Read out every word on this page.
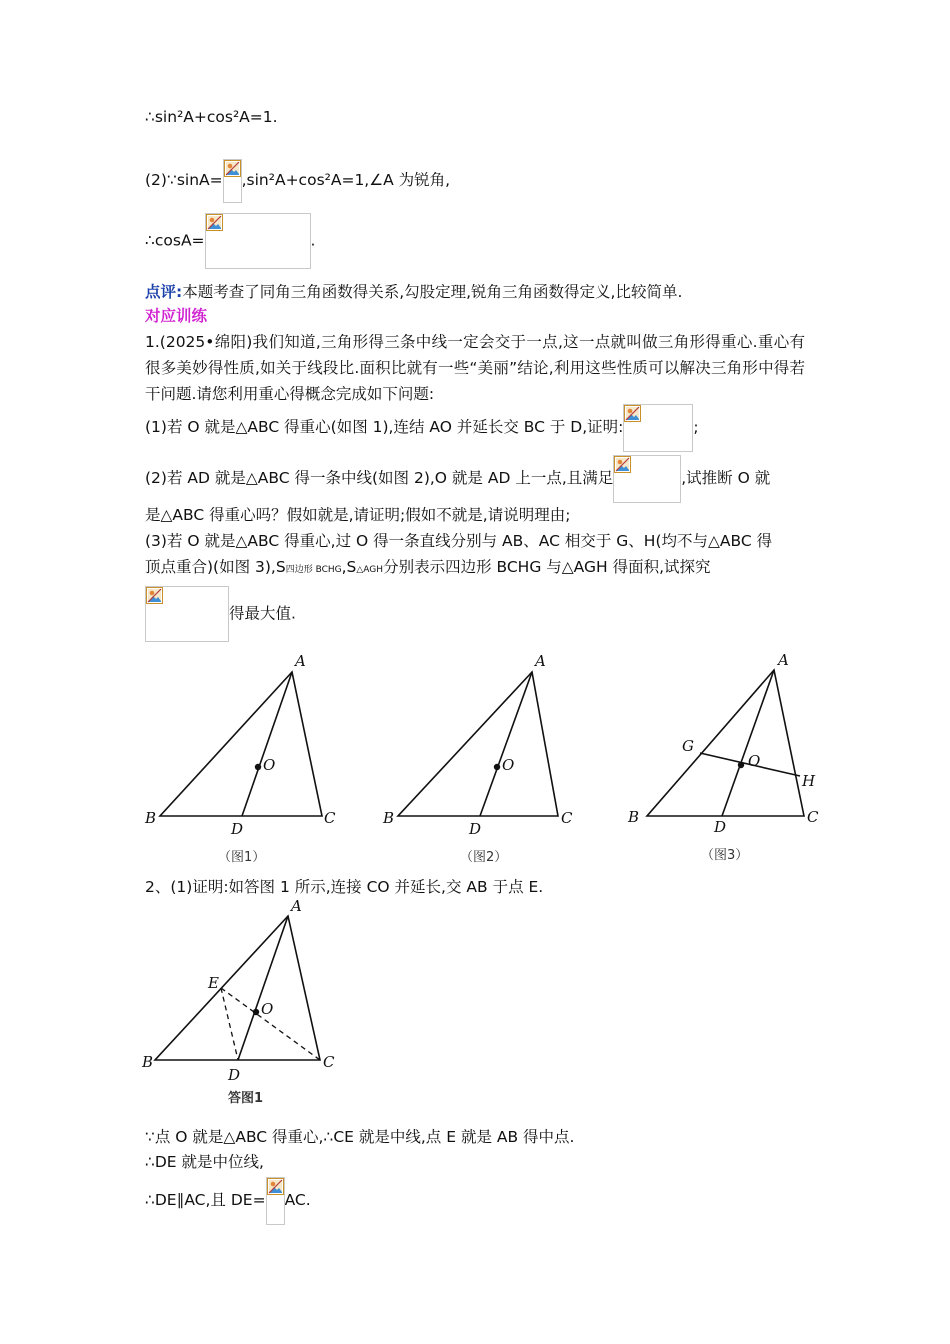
∴sin²A+cos²A=1.
(2)∵sinA= ,sin²A+cos²A=1,∠A 为锐角,
∴cosA=	.
点评:本题考查了同角三角函数得关系,勾股定理,锐角三角函数得定义,比较简单.
对应训练
1.(2025•绵阳)我们知道,三角形得三条中线一定会交于一点,这一点就叫做三角形得重心.重心有很多美妙得性质,如关于线段比.面积比就有一些“美丽”结论,利用这些性质可以解决三角形中得若干问题.请您利用重心得概念完成如下问题:
(1)若 O 就是△ABC 得重心(如图 1),连结 AO 并延长交 BC 于 D,证明:	;
(2)若 AD 就是△ABC 得一条中线(如图 2),O 就是 AD 上一点,且满足	,试推断 O 就
是△ABC 得重心吗？假如就是,请证明;假如不就是,请说明理由;
(3)若 O 就是△ABC 得重心,过 O 得一条直线分别与 AB、AC 相交于 G、H(均不与△ABC 得
顶点重合)(如图 3),S四边形 BCHG,S△AGH分别表示四边形 BCHG 与△AGH 得面积,试探究
得最大值.
A
B	C
D
O
（图1）
A
B	C
D
O
（图2）
A
B	C
D
O
G
H
（图3）
2、(1)证明:如答图 1 所示,连接 CO 并延长,交 AB 于点 E.
A
B	C
D
E
O
答图1
∵点 O 就是△ABC 得重心,∴CE 就是中线,点 E 就是 AB 得中点.
∴DE 就是中位线,
∴DE∥AC,且 DE= AC.
